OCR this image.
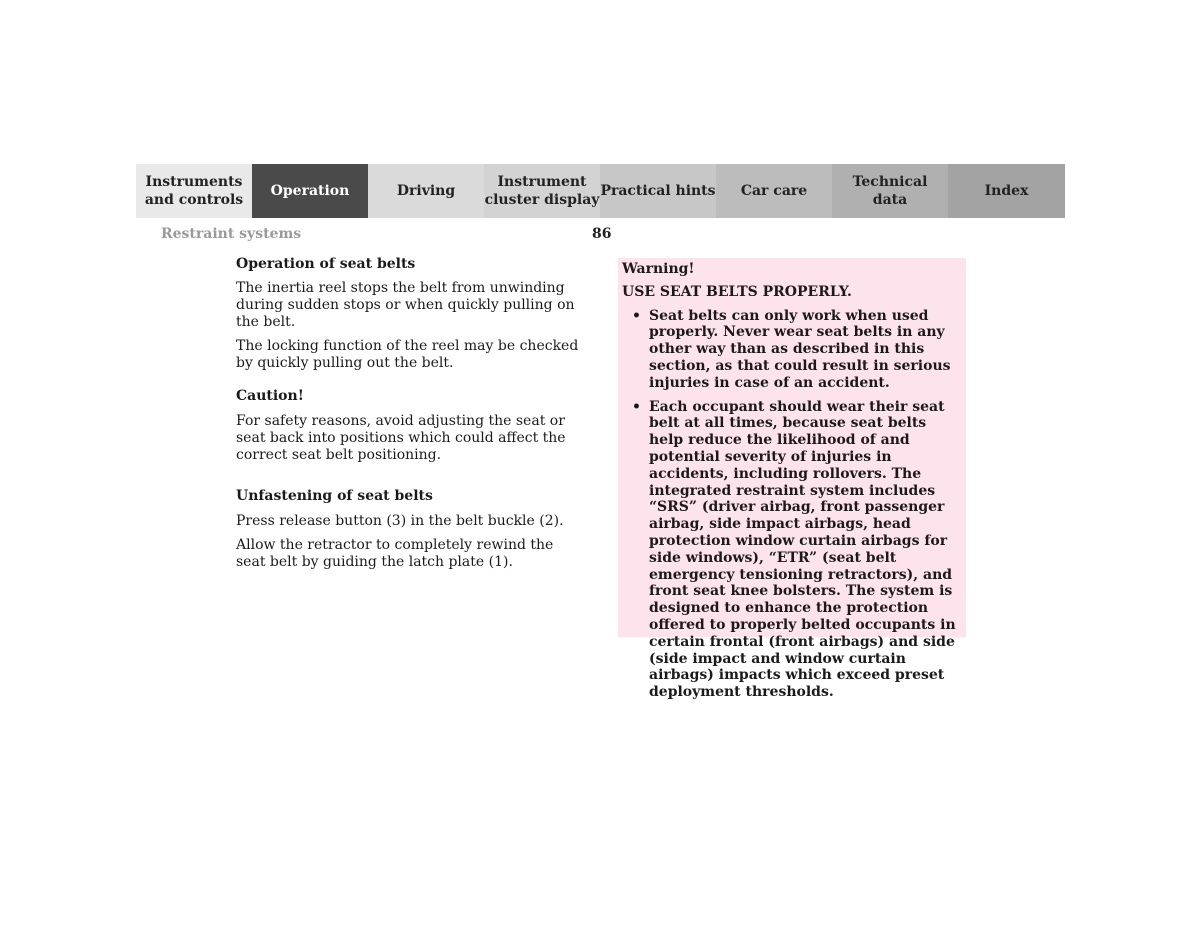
Instruments
and controls
Operation	Driving
Instrument
cluster display
Practical hints	Car care
Technical
data
Index
Restraint systems	86

Operation of seat belts

The inertia reel stops the belt from unwinding during sudden stops or when quickly pulling on the belt.

The locking function of the reel may be checked by quickly pulling out the belt.

Caution!

For safety reasons, avoid adjusting the seat or seat back into positions which could affect the correct seat belt positioning.

Unfastening of seat belts

Press release button (3) in the belt buckle (2).

Allow the retractor to completely rewind the seat belt by guiding the latch plate (1).

Warning!

USE SEAT BELTS PROPERLY.

• Seat belts can only work when used properly. Never wear seat belts in any other way than as described in this section, as that could result in serious injuries in case of an accident.
• Each occupant should wear their seat belt at all times, because seat belts help reduce the likelihood of and potential severity of injuries in accidents, including rollovers. The integrated restraint system includes “SRS” (driver airbag, front passenger airbag, side impact airbags, head protection window curtain airbags for side windows), “ETR” (seat belt emergency tensioning retractors), and front seat knee bolsters. The system is designed to enhance the protection offered to properly belted occupants in certain frontal (front airbags) and side (side impact and window curtain airbags) impacts which exceed preset deployment thresholds.
